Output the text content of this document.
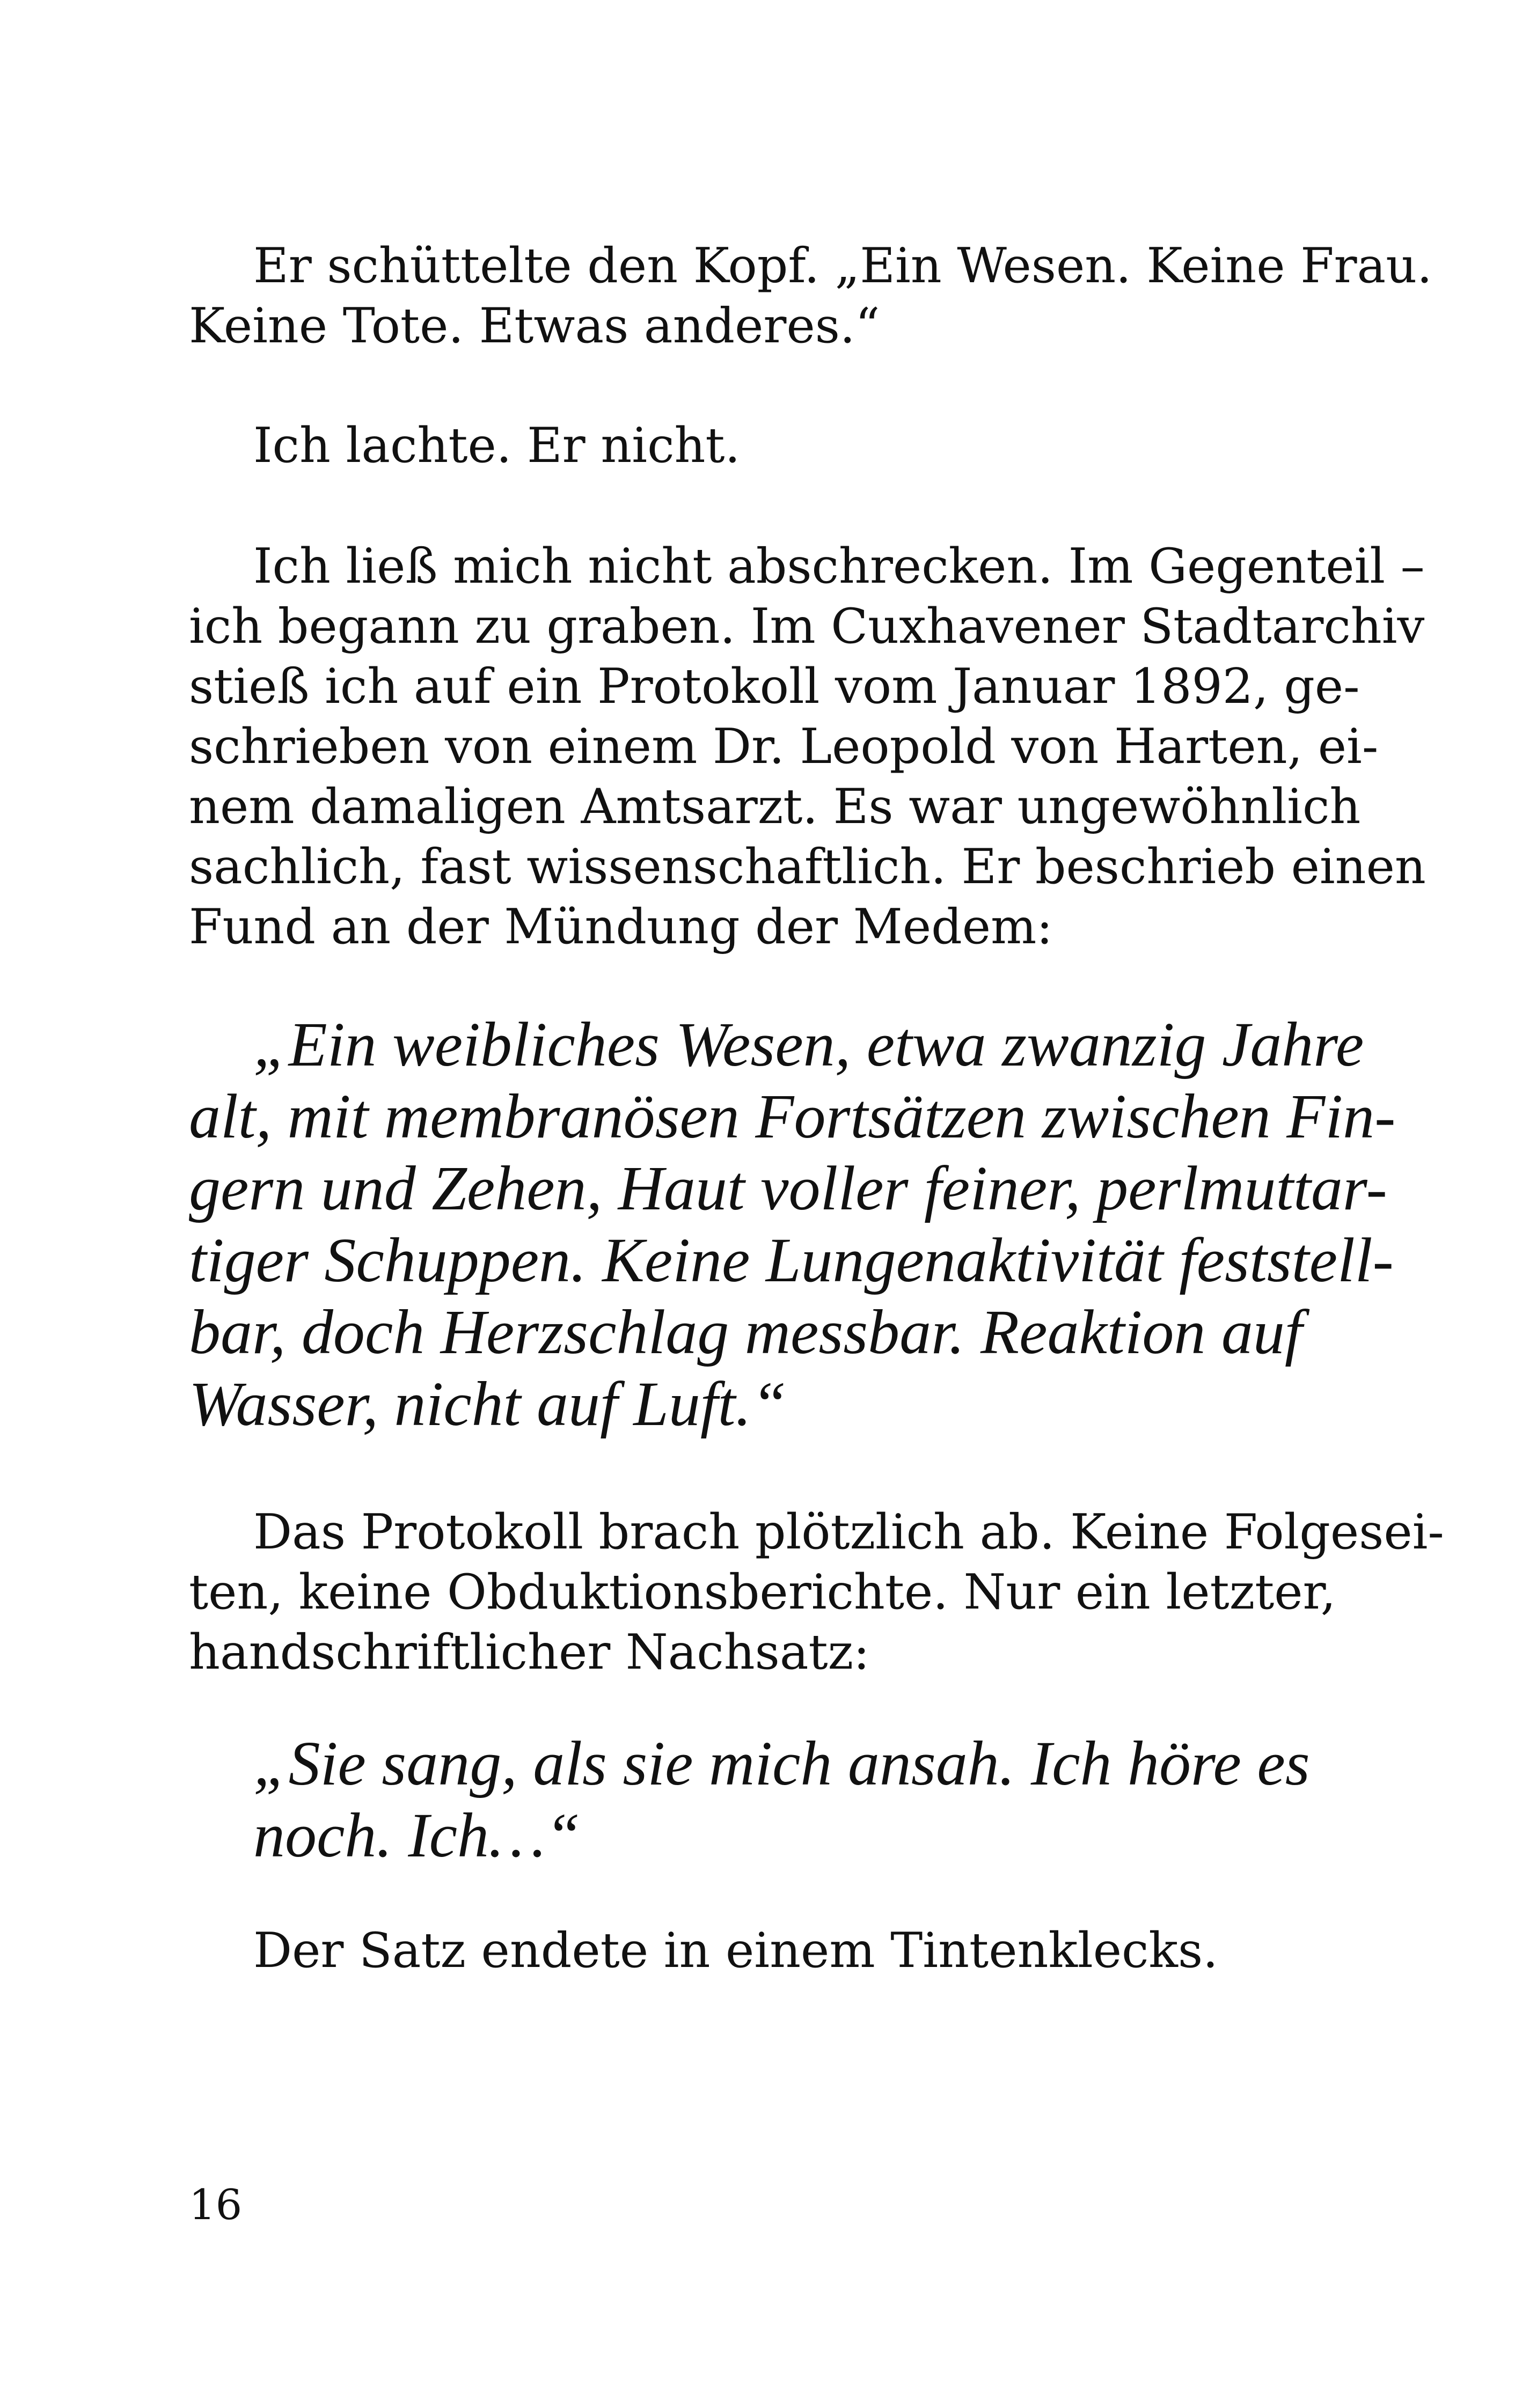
Er schüttelte den Kopf. „Ein Wesen. Keine Frau.
Keine Tote. Etwas anderes.“
Ich lachte. Er nicht.
Ich ließ mich nicht abschrecken. Im Gegenteil –
ich begann zu graben. Im Cuxhavener Stadtarchiv
stieß ich auf ein Protokoll vom Januar 1892, ge-
schrieben von einem Dr. Leopold von Harten, ei-
nem damaligen Amtsarzt. Es war ungewöhnlich
sachlich, fast wissenschaftlich. Er beschrieb einen
Fund an der Mündung der Medem:
„Ein weibliches Wesen, etwa zwanzig Jahre
alt, mit membranösen Fortsätzen zwischen Fin-
gern und Zehen, Haut voller feiner, perlmuttar-
tiger Schuppen. Keine Lungenaktivität feststell-
bar, doch Herzschlag messbar. Reaktion auf
Wasser, nicht auf Luft.“
Das Protokoll brach plötzlich ab. Keine Folgesei-
ten, keine Obduktionsberichte. Nur ein letzter,
handschriftlicher Nachsatz:
„Sie sang, als sie mich ansah. Ich höre es
noch. Ich…“
Der Satz endete in einem Tintenklecks.
16
